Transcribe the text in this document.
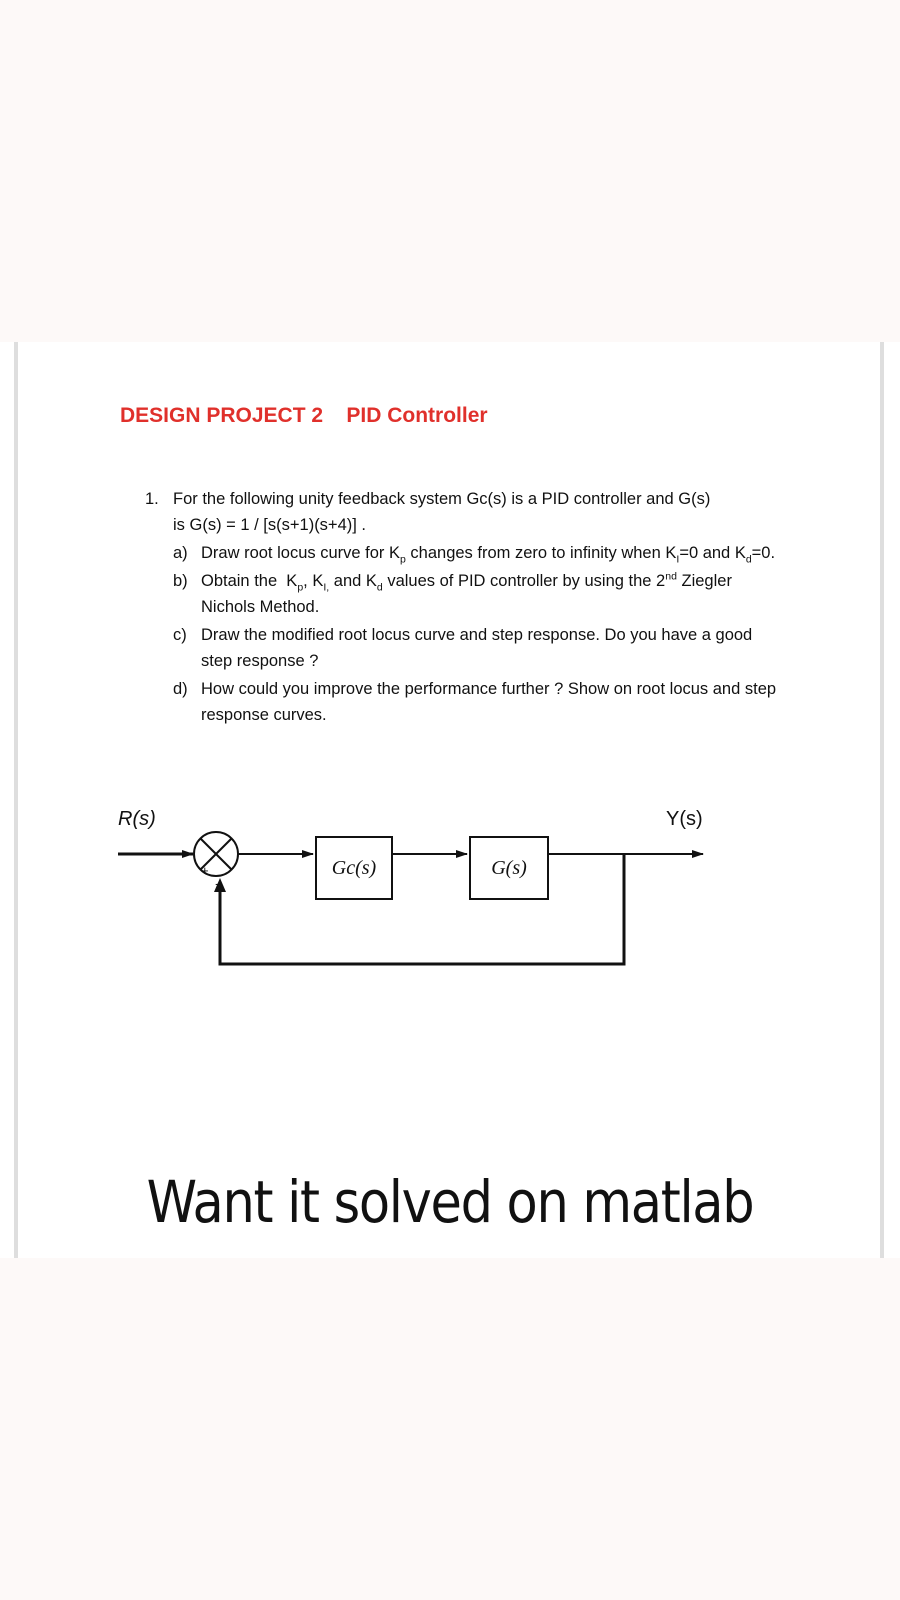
DESIGN PROJECT 2    PID Controller
1. For the following unity feedback system Gc(s) is a PID controller and G(s)
is G(s) = 1 / [s(s+1)(s+4)] .
a) Draw root locus curve for $K_p$ changes from zero to infinity when $K_I=0$ and $K_d=0$.
b) Obtain the  $K_p$, $K_{I,}$ and $K_d$ values of PID controller by using the 2nd Ziegler Nichols Method.
c) Draw the modified root locus curve and step response. Do you have a good step response ?
d) How could you improve the performance further ? Show on root locus and step response curves.
R(s)	Y(s)
+
−
Gc(s)	G(s)
Want it solved on matlab
